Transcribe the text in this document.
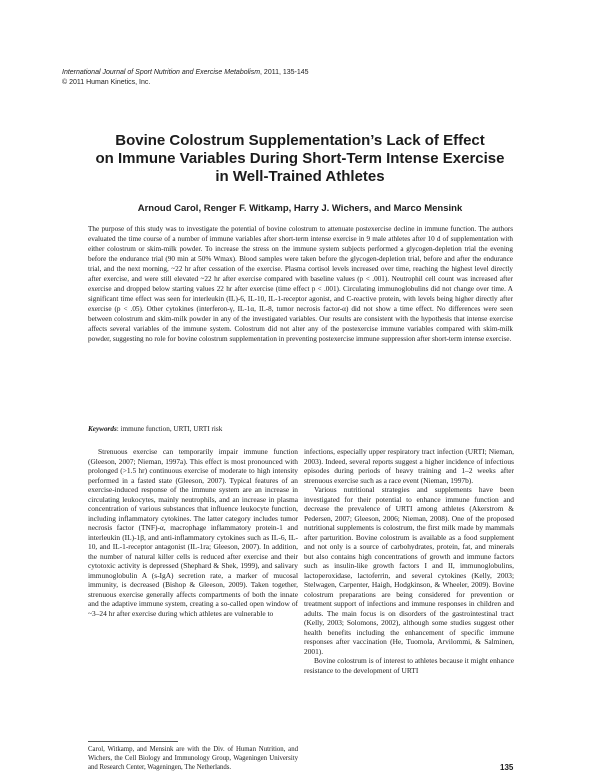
International Journal of Sport Nutrition and Exercise Metabolism, 2011, 135-145
© 2011 Human Kinetics, Inc.
Bovine Colostrum Supplementation’s Lack of Effect
on Immune Variables During Short-Term Intense Exercise
in Well-Trained Athletes
Arnoud Carol, Renger F. Witkamp, Harry J. Wichers, and Marco Mensink

The purpose of this study was to investigate the potential of bovine colostrum to attenuate postexercise decline in immune function. The authors evaluated the time course of a number of immune variables after short-term intense exercise in 9 male athletes after 10 d of supplementation with either colostrum or skim-milk powder. To increase the stress on the immune system subjects performed a glycogen-depletion trial the evening before the endurance trial (90 min at 50% Wmax). Blood samples were taken before the glycogen-depletion trial, before and after the endurance trial, and the next morning, ~22 hr after cessation of the exercise. Plasma cortisol levels increased over time, reaching the highest level directly after exercise, and were still elevated ~22 hr after exercise compared with baseline values (p < .001). Neutrophil cell count was increased after exercise and dropped below starting values 22 hr after exercise (time effect p < .001). Circulating immunoglobulins did not change over time. A significant time effect was seen for interleukin (IL)-6, IL-10, IL-1-receptor agonist, and C-reactive protein, with levels being higher directly after exercise (p < .05). Other cytokines (interferon-γ, IL-1α, IL-8, tumor necrosis factor-α) did not show a time effect. No differences were seen between colostrum and skim-milk powder in any of the investigated variables. Our results are consistent with the hypothesis that intense exercise affects several variables of the immune system. Colostrum did not alter any of the postexercise immune variables compared with skim-milk powder, suggesting no role for bovine colostrum supplementation in preventing postexercise immune suppression after short-term intense exercise.

Keywords: immune function, URTI, URTI risk

Strenuous exercise can temporarily impair immune function (Gleeson, 2007; Nieman, 1997a). This effect is most pronounced with prolonged (>1.5 hr) continuous exercise of moderate to high intensity performed in a fasted state (Gleeson, 2007). Typical features of an exercise-induced response of the immune system are an increase in circulating leukocytes, mainly neutrophils, and an increase in plasma concentration of various substances that influence leukocyte function, including inflammatory cytokines. The latter category includes tumor necrosis factor (TNF)-α, macrophage inflammatory protein-1 and interleukin (IL)-1β, and anti-inflammatory cytokines such as IL-6, IL-10, and IL-1-receptor antagonist (IL-1ra; Gleeson, 2007). In addition, the number of natural killer cells is reduced after exercise and their cytotoxic activity is depressed (Shephard & Shek, 1999), and salivary immunoglobulin A (s-IgA) secretion rate, a marker of mucosal immunity, is decreased (Bishop & Gleeson, 2009). Taken together, strenuous exercise generally affects compartments of both the innate and the adaptive immune system, creating a so-called open window of ~3–24 hr after exercise during which athletes are vulnerable to

infections, especially upper respiratory tract infection (URTI; Nieman, 2003). Indeed, several reports suggest a higher incidence of infectious episodes during periods of heavy training and 1–2 weeks after strenuous exercise such as a race event (Nieman, 1997b).

Various nutritional strategies and supplements have been investigated for their potential to enhance immune function and decrease the prevalence of URTI among athletes (Akerstrom & Pedersen, 2007; Gleeson, 2006; Nieman, 2008). One of the proposed nutritional supplements is colostrum, the first milk made by mammals after parturition. Bovine colostrum is available as a food supplement and not only is a source of carbohydrates, protein, fat, and minerals but also contains high concentrations of growth and immune factors such as insulin-like growth factors I and II, immunoglobulins, lactoperoxidase, lactoferrin, and several cytokines (Kelly, 2003; Stelwagen, Carpenter, Haigh, Hodgkinson, & Wheeler, 2009). Bovine colostrum preparations are being considered for prevention or treatment support of infections and immune responses in children and adults. The main focus is on disorders of the gastrointestinal tract (Kelly, 2003; Solomons, 2002), although some studies suggest other health benefits including the enhancement of specific immune responses after vaccination (He, Tuomola, Arvilommi, & Salminen, 2001).

Bovine colostrum is of interest to athletes because it might enhance resistance to the development of URTI

Carol, Witkamp, and Mensink are with the Div. of Human Nutrition, and Wichers, the Cell Biology and Immunology Group, Wageningen University and Research Center, Wageningen, The Netherlands.	135
